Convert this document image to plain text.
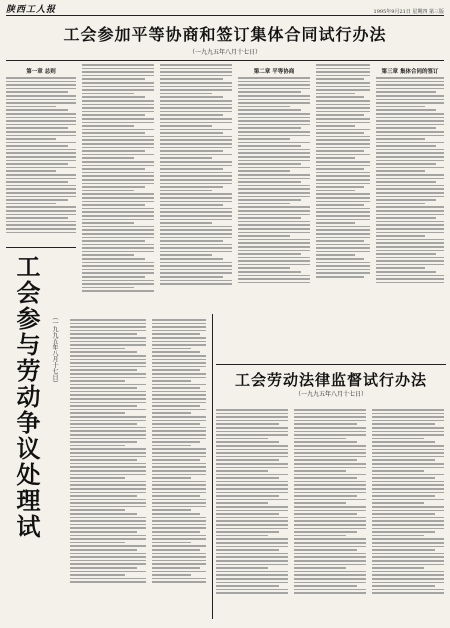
陕西工人报	1995年9月21日 星期四 第三版
工会参加平等协商和签订集体合同试行办法
（一九九五年八月十七日）
第一章 总则	第二章 平等协商	第三章 集体合同的签订
工会参与劳动争议处理试
（一九九五年八月十七日）	工会劳动法律监督试行办法
（一九九五年八月十七日）
